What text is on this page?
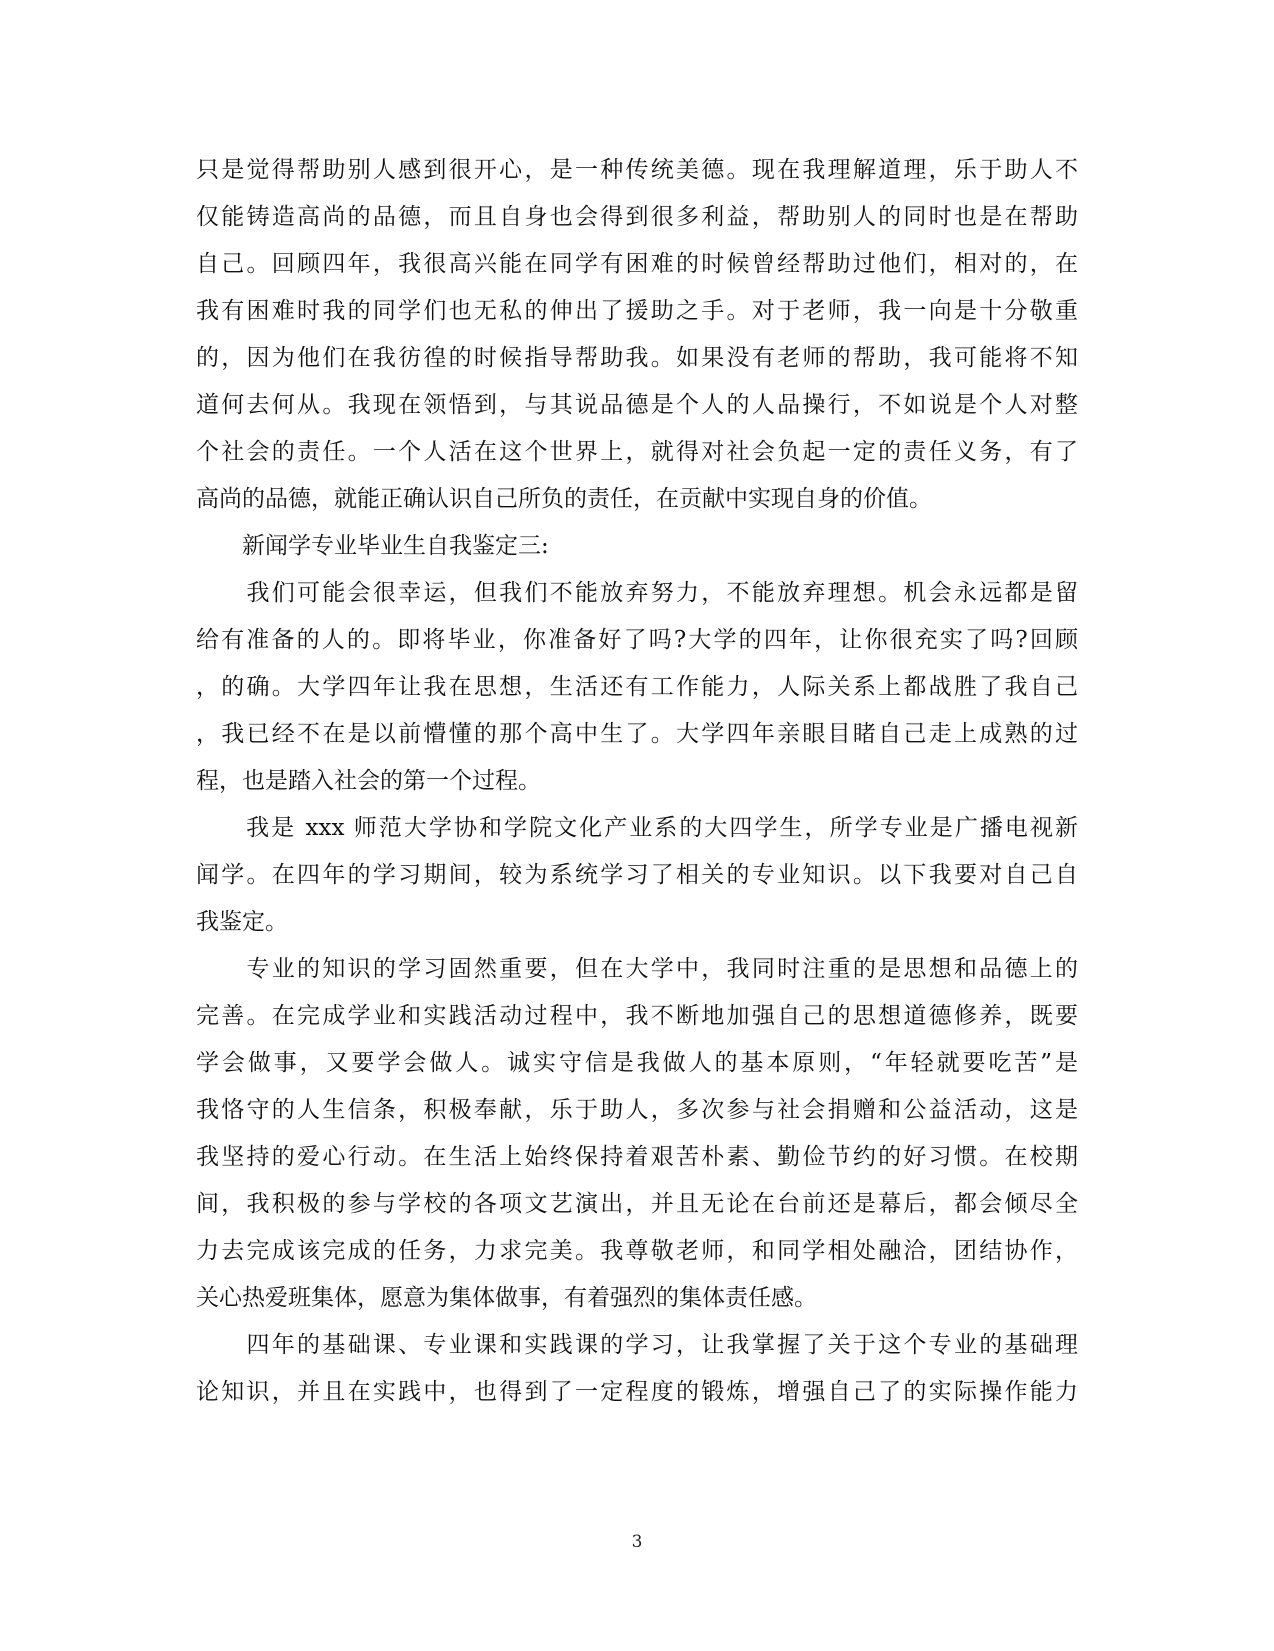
只是觉得帮助别人感到很开心，是一种传统美德。现在我理解道理，乐于助人不
仅能铸造高尚的品德，而且自身也会得到很多利益，帮助别人的同时也是在帮助
自己。回顾四年，我很高兴能在同学有困难的时候曾经帮助过他们，相对的，在
我有困难时我的同学们也无私的伸出了援助之手。对于老师，我一向是十分敬重
的，因为他们在我彷徨的时候指导帮助我。如果没有老师的帮助，我可能将不知
道何去何从。我现在领悟到，与其说品德是个人的人品操行，不如说是个人对整
个社会的责任。一个人活在这个世界上，就得对社会负起一定的责任义务，有了
高尚的品德，就能正确认识自己所负的责任，在贡献中实现自身的价值。
　　新闻学专业毕业生自我鉴定三:
　　我们可能会很幸运，但我们不能放弃努力，不能放弃理想。机会永远都是留
给有准备的人的。即将毕业，你准备好了吗?大学的四年，让你很充实了吗?回顾
，的确。大学四年让我在思想，生活还有工作能力，人际关系上都战胜了我自己
，我已经不在是以前懵懂的那个高中生了。大学四年亲眼目睹自己走上成熟的过
程，也是踏入社会的第一个过程。
　　我是 xxx 师范大学协和学院文化产业系的大四学生，所学专业是广播电视新
闻学。在四年的学习期间，较为系统学习了相关的专业知识。以下我要对自己自
我鉴定。
　　专业的知识的学习固然重要，但在大学中，我同时注重的是思想和品德上的
完善。在完成学业和实践活动过程中，我不断地加强自己的思想道德修养，既要
学会做事，又要学会做人。诚实守信是我做人的基本原则，“年轻就要吃苦”是
我恪守的人生信条，积极奉献，乐于助人，多次参与社会捐赠和公益活动，这是
我坚持的爱心行动。在生活上始终保持着艰苦朴素、勤俭节约的好习惯。在校期
间，我积极的参与学校的各项文艺演出，并且无论在台前还是幕后，都会倾尽全
力去完成该完成的任务，力求完美。我尊敬老师，和同学相处融洽，团结协作，
关心热爱班集体，愿意为集体做事，有着强烈的集体责任感。
　　四年的基础课、专业课和实践课的学习，让我掌握了关于这个专业的基础理
论知识，并且在实践中，也得到了一定程度的锻炼，增强自己了的实际操作能力
3
